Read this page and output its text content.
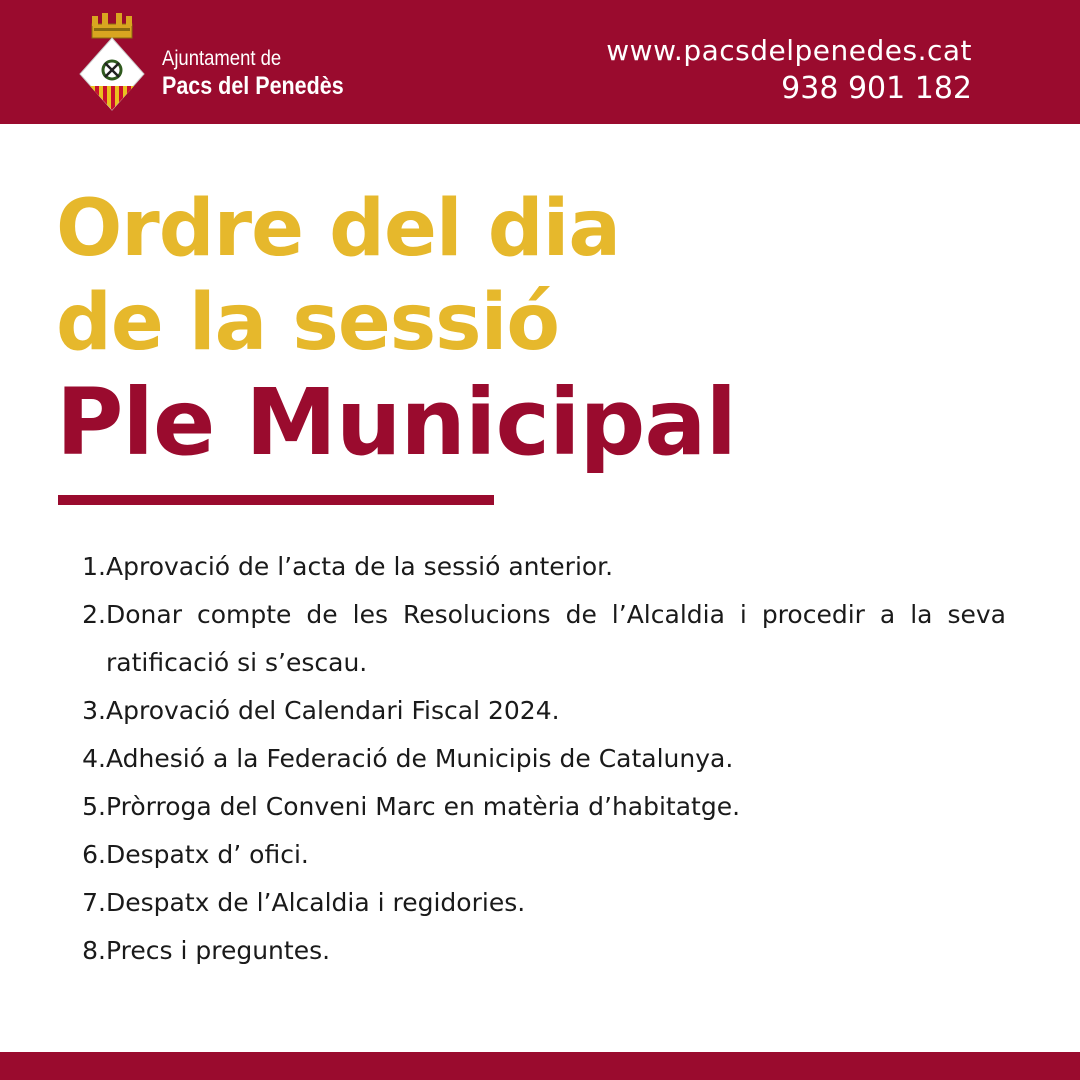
Ajuntament de
Pacs del Penedès
www.pacsdelpenedes.cat
938 901 182
Ordre del dia
de la sessió
Ple Municipal
1. Aprovació de l’acta de la sessió anterior.
2. Donar compte de les Resolucions de l’Alcaldia i procedir a la seva ratificació si s’escau.
3. Aprovació del Calendari Fiscal 2024.
4. Adhesió a la Federació de Municipis de Catalunya.
5. Pròrroga del Conveni Marc en matèria d’habitatge.
6. Despatx d’ ofici.
7. Despatx de l’Alcaldia i regidories.
8. Precs i preguntes.
